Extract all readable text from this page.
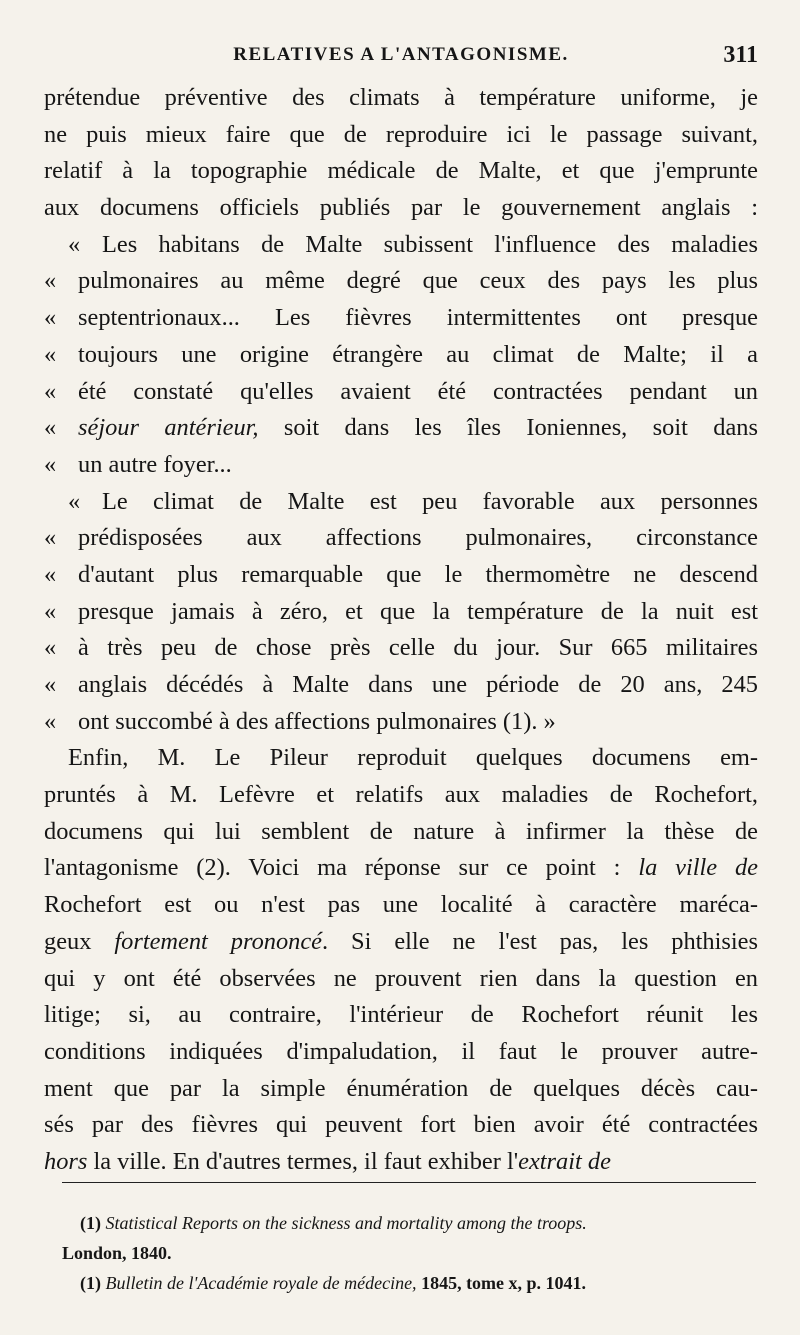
RELATIVES A L'ANTAGONISME.	311
prétendue préventive des climats à température uniforme, je
ne puis mieux faire que de reproduire ici le passage suivant,
relatif à la topographie médicale de Malte, et que j'emprunte
aux documens officiels publiés par le gouvernement anglais :
« Les habitans de Malte subissent l'influence des maladies
« pulmonaires au même degré que ceux des pays les plus
« septentrionaux... Les fièvres intermittentes ont presque
« toujours une origine étrangère au climat de Malte; il a
« été constaté qu'elles avaient été contractées pendant un
« séjour antérieur, soit dans les îles Ioniennes, soit dans
« un autre foyer...
« Le climat de Malte est peu favorable aux personnes
« prédisposées aux affections pulmonaires, circonstance
« d'autant plus remarquable que le thermomètre ne descend
« presque jamais à zéro, et que la température de la nuit est
« à très peu de chose près celle du jour. Sur 665 militaires
« anglais décédés à Malte dans une période de 20 ans, 245
« ont succombé à des affections pulmonaires (1). »
Enfin, M. Le Pileur reproduit quelques documens em-
pruntés à M. Lefèvre et relatifs aux maladies de Rochefort,
documens qui lui semblent de nature à infirmer la thèse de
l'antagonisme (2). Voici ma réponse sur ce point : la ville de
Rochefort est ou n'est pas une localité à caractère maréca-
geux fortement prononcé. Si elle ne l'est pas, les phthisies
qui y ont été observées ne prouvent rien dans la question en
litige; si, au contraire, l'intérieur de Rochefort réunit les
conditions indiquées d'impaludation, il faut le prouver autre-
ment que par la simple énumération de quelques décès cau-
sés par des fièvres qui peuvent fort bien avoir été contractées
hors la ville. En d'autres termes, il faut exhiber l'extrait de
(1) Statistical Reports on the sickness and mortality among the troops.
London, 1840.
(1) Bulletin de l'Académie royale de médecine, 1845, tome x, p. 1041.
